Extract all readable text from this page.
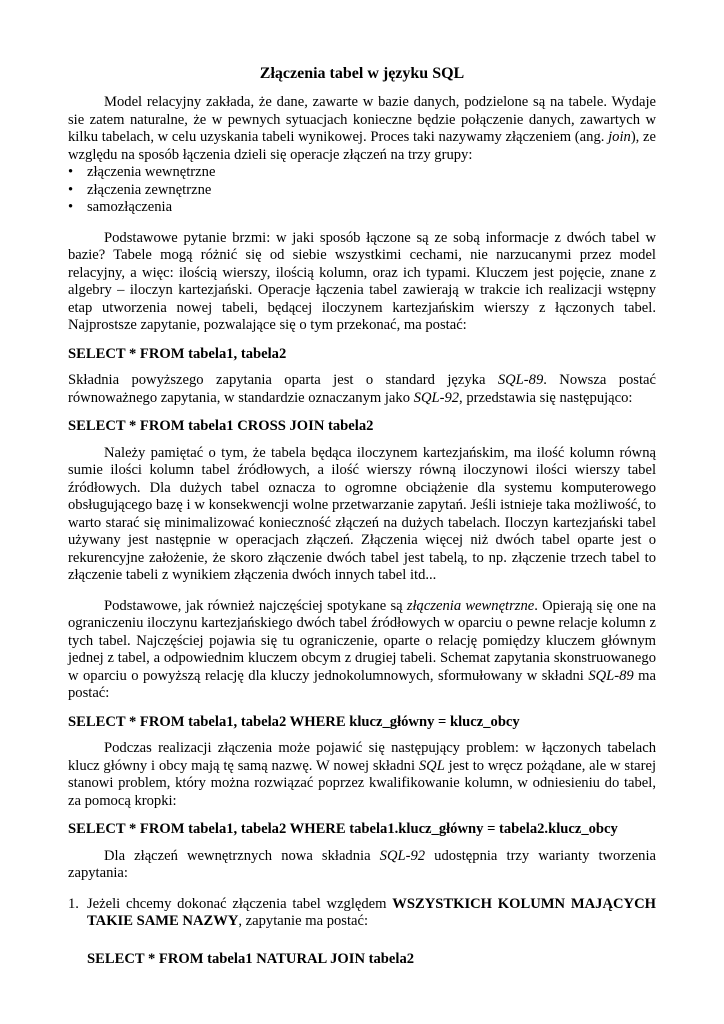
Złączenia tabel w języku SQL

Model relacyjny zakłada, że dane, zawarte w bazie danych, podzielone są na tabele. Wydaje sie zatem naturalne, że w pewnych sytuacjach konieczne będzie połączenie danych, zawartych w kilku tabelach, w celu uzyskania tabeli wynikowej. Proces taki nazywamy złączeniem (ang. join), ze względu na sposób łączenia dzieli się operacje złączeń na trzy grupy:

• złączenia wewnętrzne
• złączenia zewnętrzne
• samozłączenia

Podstawowe pytanie brzmi: w jaki sposób łączone są ze sobą informacje z dwóch tabel w bazie? Tabele mogą różnić się od siebie wszystkimi cechami, nie narzucanymi przez model relacyjny, a więc: ilością wierszy, ilością kolumn, oraz ich typami. Kluczem jest pojęcie, znane z algebry – iloczyn kartezjański. Operacje łączenia tabel zawierają w trakcie ich realizacji wstępny etap utworzenia nowej tabeli, będącej iloczynem kartezjańskim wierszy z łączonych tabel. Najprostsze zapytanie, pozwalające się o tym przekonać, ma postać:

SELECT * FROM tabela1, tabela2

Składnia powyższego zapytania oparta jest o standard języka SQL-89. Nowsza postać równoważnego zapytania, w standardzie oznaczanym jako SQL-92, przedstawia się następująco:

SELECT * FROM tabela1 CROSS JOIN tabela2

Należy pamiętać o tym, że tabela będąca iloczynem kartezjańskim, ma ilość kolumn równą sumie ilości kolumn tabel źródłowych, a ilość wierszy równą iloczynowi ilości wierszy tabel źródłowych. Dla dużych tabel oznacza to ogromne obciążenie dla systemu komputerowego obsługującego bazę i w konsekwencji wolne przetwarzanie zapytań. Jeśli istnieje taka możliwość, to warto starać się minimalizować konieczność złączeń na dużych tabelach. Iloczyn kartezjański tabel używany jest następnie w operacjach złączeń. Złączenia więcej niż dwóch tabel oparte jest o rekurencyjne założenie, że skoro złączenie dwóch tabel jest tabelą, to np. złączenie trzech tabel to złączenie tabeli z wynikiem złączenia dwóch innych tabel itd...

Podstawowe, jak również najczęściej spotykane są złączenia wewnętrzne. Opierają się one na ograniczeniu iloczynu kartezjańskiego dwóch tabel źródłowych w oparciu o pewne relacje kolumn z tych tabel. Najczęściej pojawia się tu ograniczenie, oparte o relację pomiędzy kluczem głównym jednej z tabel, a odpowiednim kluczem obcym z drugiej tabeli. Schemat zapytania skonstruowanego w oparciu o powyższą relację dla kluczy jednokolumnowych, sformułowany w składni SQL-89 ma postać:

SELECT * FROM tabela1, tabela2 WHERE klucz_główny = klucz_obcy

Podczas realizacji złączenia może pojawić się następujący problem: w łączonych tabelach klucz główny i obcy mają tę samą nazwę. W nowej składni SQL jest to wręcz pożądane, ale w starej stanowi problem, który można rozwiązać poprzez kwalifikowanie kolumn, w odniesieniu do tabel, za pomocą kropki:

SELECT * FROM tabela1, tabela2 WHERE tabela1.klucz_główny = tabela2.klucz_obcy

Dla złączeń wewnętrznych nowa składnia SQL-92 udostępnia trzy warianty tworzenia zapytania:

1. Jeżeli chcemy dokonać złączenia tabel względem WSZYSTKICH KOLUMN MAJĄCYCH TAKIE SAME NAZWY, zapytanie ma postać:

SELECT * FROM tabela1 NATURAL JOIN tabela2
